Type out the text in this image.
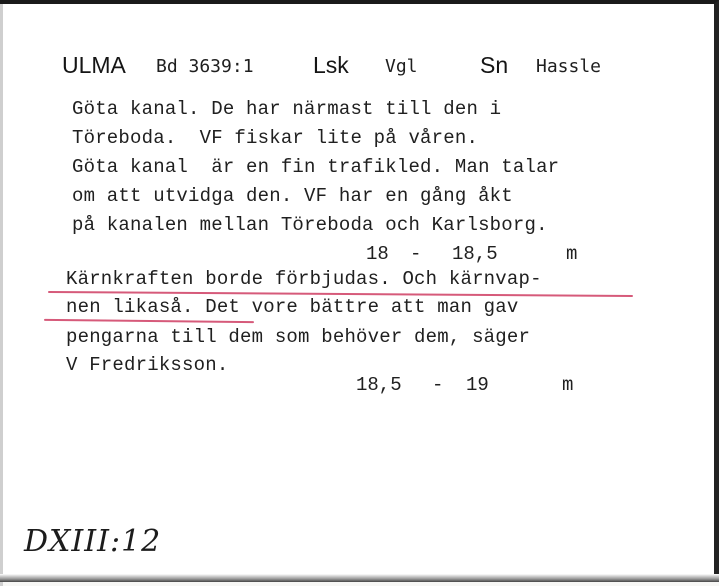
ULMA Bd 3639:1	Lsk Vgl	Sn Hassle
Göta kanal. De har närmast till den i
Töreboda.  VF fiskar lite på våren.
Göta kanal  är en fin trafikled. Man talar
om att utvidga den. VF har en gång åkt
på kanalen mellan Töreboda och Karlsborg.
18 - 18,5	m
Kärnkraften borde förbjudas. Och kärnvap-
nen likaså. Det vore bättre att man gav
pengarna till dem som behöver dem, säger
V Fredriksson.
18,5 - 19	m
DXIII:12
